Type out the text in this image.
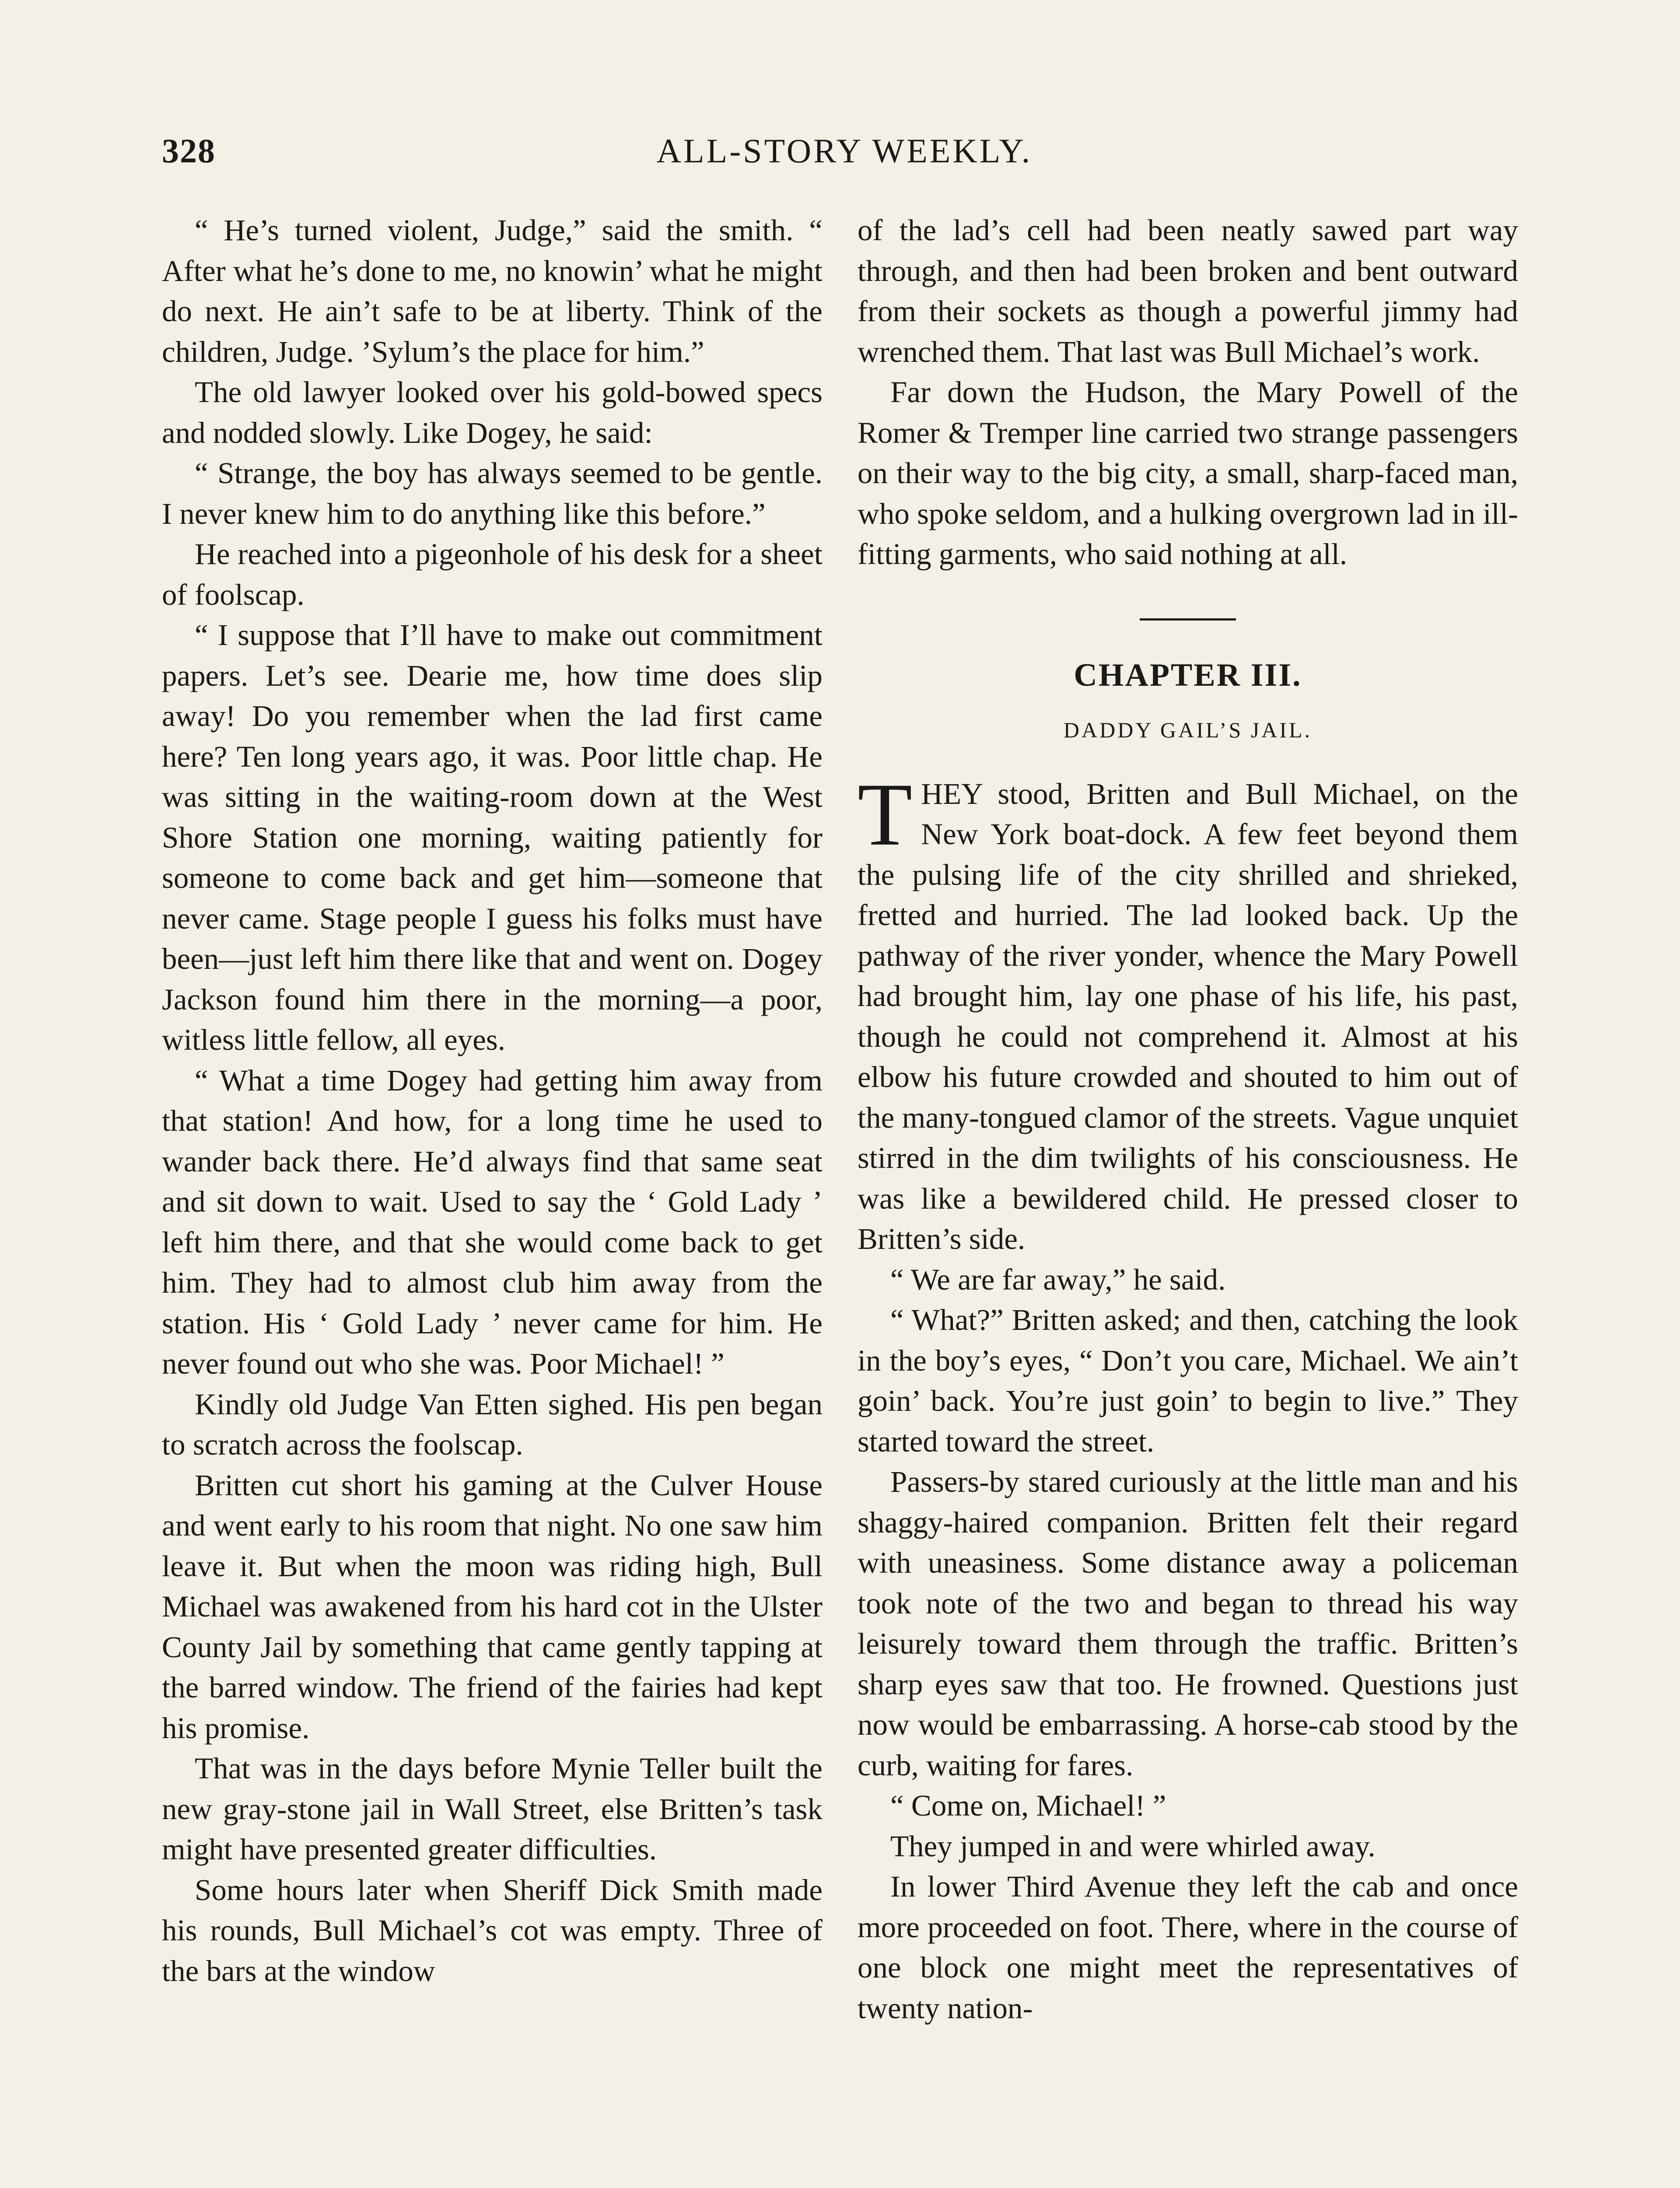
328	ALL-STORY WEEKLY.

“ He’s turned violent, Judge,” said the smith. “ After what he’s done to me, no knowin’ what he might do next. He ain’t safe to be at liberty. Think of the children, Judge. ’Sylum’s the place for him.”

The old lawyer looked over his gold-bowed specs and nodded slowly. Like Dogey, he said:

“ Strange, the boy has always seemed to be gentle. I never knew him to do anything like this before.”

He reached into a pigeonhole of his desk for a sheet of foolscap.

“ I suppose that I’ll have to make out commitment papers. Let’s see. Dearie me, how time does slip away! Do you remember when the lad first came here? Ten long years ago, it was. Poor little chap. He was sitting in the waiting-room down at the West Shore Station one morning, waiting patiently for someone to come back and get him—someone that never came. Stage people I guess his folks must have been—just left him there like that and went on. Dogey Jackson found him there in the morning—a poor, witless little fellow, all eyes.

“ What a time Dogey had getting him away from that station! And how, for a long time he used to wander back there. He’d always find that same seat and sit down to wait. Used to say the ‘ Gold Lady ’ left him there, and that she would come back to get him. They had to almost club him away from the station. His ‘ Gold Lady ’ never came for him. He never found out who she was. Poor Michael! ”

Kindly old Judge Van Etten sighed. His pen began to scratch across the foolscap.

Britten cut short his gaming at the Culver House and went early to his room that night. No one saw him leave it. But when the moon was riding high, Bull Michael was awakened from his hard cot in the Ulster County Jail by something that came gently tapping at the barred window. The friend of the fairies had kept his promise.

That was in the days before Mynie Teller built the new gray-stone jail in Wall Street, else Britten’s task might have presented greater difficulties.

Some hours later when Sheriff Dick Smith made his rounds, Bull Michael’s cot was empty. Three of the bars at the window

of the lad’s cell had been neatly sawed part way through, and then had been broken and bent outward from their sockets as though a powerful jimmy had wrenched them. That last was Bull Michael’s work.

Far down the Hudson, the Mary Powell of the Romer & Tremper line carried two strange passengers on their way to the big city, a small, sharp-faced man, who spoke seldom, and a hulking overgrown lad in ill-fitting garments, who said nothing at all.

CHAPTER III.
DADDY GAIL’S JAIL.

THEY stood, Britten and Bull Michael, on the New York boat-dock. A few feet beyond them the pulsing life of the city shrilled and shrieked, fretted and hurried. The lad looked back. Up the pathway of the river yonder, whence the Mary Powell had brought him, lay one phase of his life, his past, though he could not comprehend it. Almost at his elbow his future crowded and shouted to him out of the many-tongued clamor of the streets. Vague unquiet stirred in the dim twilights of his consciousness. He was like a bewildered child. He pressed closer to Britten’s side.

“ We are far away,” he said.

“ What?” Britten asked; and then, catching the look in the boy’s eyes, “ Don’t you care, Michael. We ain’t goin’ back. You’re just goin’ to begin to live.” They started toward the street.

Passers-by stared curiously at the little man and his shaggy-haired companion. Britten felt their regard with uneasiness. Some distance away a policeman took note of the two and began to thread his way leisurely toward them through the traffic. Britten’s sharp eyes saw that too. He frowned. Questions just now would be embarrassing. A horse-cab stood by the curb, waiting for fares.

“ Come on, Michael! ”

They jumped in and were whirled away.

In lower Third Avenue they left the cab and once more proceeded on foot. There, where in the course of one block one might meet the representatives of twenty nation-
